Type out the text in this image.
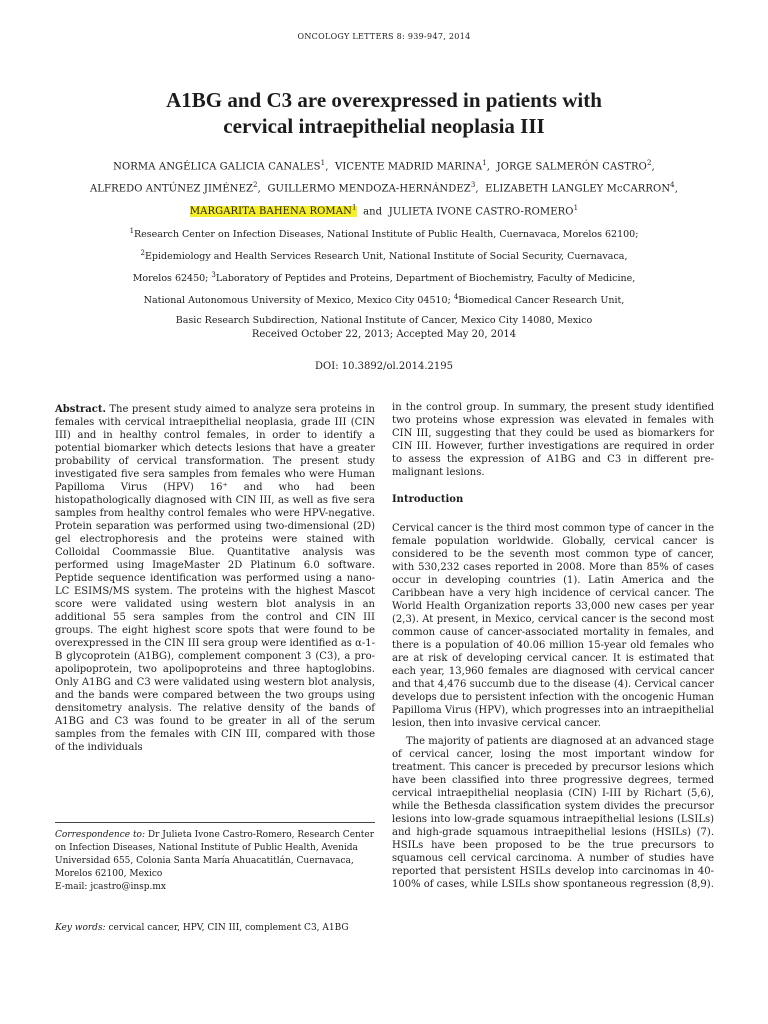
ONCOLOGY LETTERS 8: 939-947, 2014
A1BG and C3 are overexpressed in patients with
cervical intraepithelial neoplasia III
NORMA ANGÉLICA GALICIA CANALES$^1$,  VICENTE MADRID MARINA$^1$,  JORGE SALMERÓN CASTRO$^2$,
ALFREDO ANTÚNEZ JIMÉNEZ$^2$,  GUILLERMO MENDOZA-HERNÁNDEZ$^3$,  ELIZABETH LANGLEY McCARRON$^4$,
MARGARITA BAHENA ROMAN$^1$ and JULIETA IVONE CASTRO-ROMERO$^1$
$^1$Research Center on Infection Diseases, National Institute of Public Health, Cuernavaca, Morelos 62100;
$^2$Epidemiology and Health Services Research Unit, National Institute of Social Security, Cuernavaca,
Morelos 62450; $^3$Laboratory of Peptides and Proteins, Department of Biochemistry, Faculty of Medicine,
National Autonomous University of Mexico, Mexico City 04510; $^4$Biomedical Cancer Research Unit,
Basic Research Subdirection, National Institute of Cancer, Mexico City 14080, Mexico
Received October 22, 2013; Accepted May 20, 2014
DOI: 10.3892/ol.2014.2195

Abstract. The present study aimed to analyze sera proteins in females with cervical intraepithelial neoplasia, grade III (CIN III) and in healthy control females, in order to identify a potential biomarker which detects lesions that have a greater probability of cervical transformation. The present study investigated five sera samples from females who were Human Papilloma Virus (HPV) 16⁺ and who had been histopathologically diagnosed with CIN III, as well as five sera samples from healthy control females who were HPV-negative. Protein separation was performed using two-dimensional (2D) gel electrophoresis and the proteins were stained with Colloidal Coommassie Blue. Quantitative analysis was performed using ImageMaster 2D Platinum 6.0 software. Peptide sequence identification was performed using a nano-LC ESIMS/MS system. The proteins with the highest Mascot score were validated using western blot analysis in an additional 55 sera samples from the control and CIN III groups. The eight highest score spots that were found to be overexpressed in the CIN III sera group were identified as α-1-B glycoprotein (A1BG), complement component 3 (C3), a pro-apolipoprotein, two apolipoproteins and three haptoglobins. Only A1BG and C3 were validated using western blot analysis, and the bands were compared between the two groups using densitometry analysis. The relative density of the bands of A1BG and C3 was found to be greater in all of the serum samples from the females with CIN III, compared with those of the individuals

Correspondence to: Dr Julieta Ivone Castro-Romero, Research Center on Infection Diseases, National Institute of Public Health, Avenida Universidad 655, Colonia Santa María Ahuacatitlán, Cuernavaca, Morelos 62100, Mexico
E-mail: jcastro@insp.mx
Key words: cervical cancer, HPV, CIN III, complement C3, A1BG

in the control group. In summary, the present study identified two proteins whose expression was elevated in females with CIN III, suggesting that they could be used as biomarkers for CIN III. However, further investigations are required in order to assess the expression of A1BG and C3 in different pre-malignant lesions.

Introduction

Cervical cancer is the third most common type of cancer in the female population worldwide. Globally, cervical cancer is considered to be the seventh most common type of cancer, with 530,232 cases reported in 2008. More than 85% of cases occur in developing countries (1). Latin America and the Caribbean have a very high incidence of cervical cancer. The World Health Organization reports 33,000 new cases per year (2,3). At present, in Mexico, cervical cancer is the second most common cause of cancer-associated mortality in females, and there is a population of 40.06 million 15-year old females who are at risk of developing cervical cancer. It is estimated that each year, 13,960 females are diagnosed with cervical cancer and that 4,476 succumb due to the disease (4). Cervical cancer develops due to persistent infection with the oncogenic Human Papilloma Virus (HPV), which progresses into an intraepithelial lesion, then into invasive cervical cancer.

The majority of patients are diagnosed at an advanced stage of cervical cancer, losing the most important window for treatment. This cancer is preceded by precursor lesions which have been classified into three progressive degrees, termed cervical intraepithelial neoplasia (CIN) I-III by Richart (5,6), while the Bethesda classification system divides the precursor lesions into low-grade squamous intraepithelial lesions (LSILs) and high-grade squamous intraepithelial lesions (HSILs) (7). HSILs have been proposed to be the true precursors to squamous cell cervical carcinoma. A number of studies have reported that persistent HSILs develop into carcinomas in 40-100% of cases, while LSILs show spontaneous regression (8,9).
